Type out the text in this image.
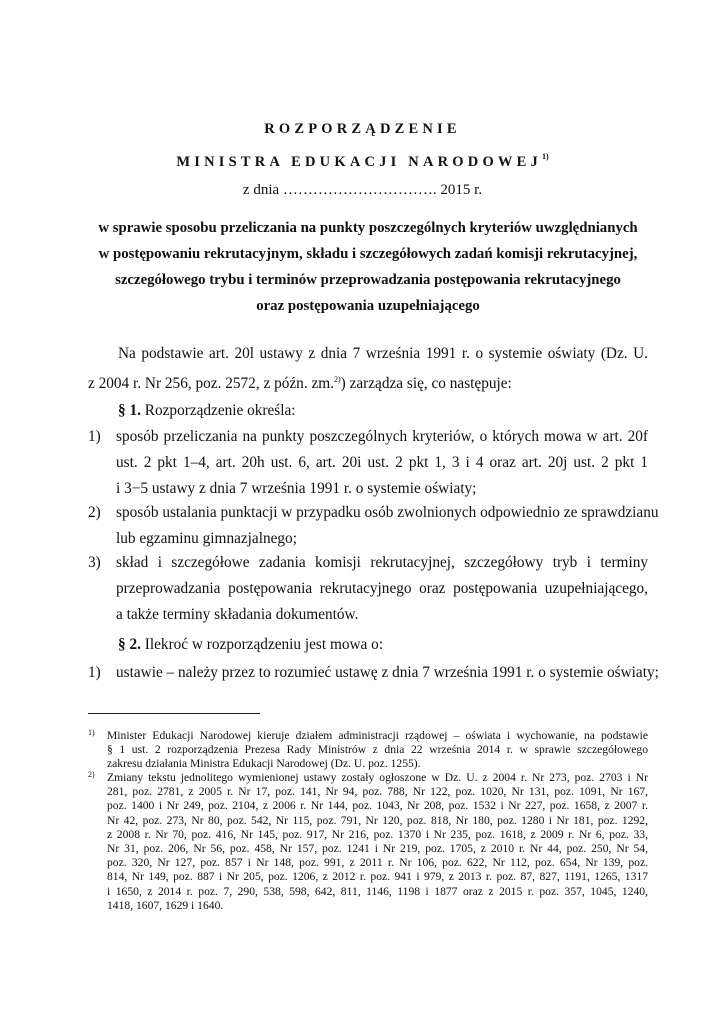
ROZPORZĄDZENIE
MINISTRA EDUKACJI NARODOWEJ$^{1)}$
z dnia …………………………. 2015 r.
w sprawie sposobu przeliczania na punkty poszczególnych kryteriów uwzględnianych
w postępowaniu rekrutacyjnym, składu i szczegółowych zadań komisji rekrutacyjnej,
szczegółowego trybu i terminów przeprowadzania postępowania rekrutacyjnego
oraz postępowania uzupełniającego
Na podstawie art. 20l ustawy z dnia 7 września 1991 r. o systemie oświaty (Dz. U.
z 2004 r. Nr 256, poz. 2572, z późn. zm.$^{2)}$) zarządza się, co następuje:
§ 1. Rozporządzenie określa:
1) sposób przeliczania na punkty poszczególnych kryteriów, o których mowa w art. 20f
ust. 2 pkt 1–4, art. 20h ust. 6, art. 20i ust. 2 pkt 1, 3 i 4 oraz art. 20j ust. 2 pkt 1
i 3−5 ustawy z dnia 7 września 1991 r. o systemie oświaty;
2) sposób ustalania punktacji w przypadku osób zwolnionych odpowiednio ze sprawdzianu
lub egzaminu gimnazjalnego;
3) skład i szczegółowe zadania komisji rekrutacyjnej, szczegółowy tryb i terminy
przeprowadzania postępowania rekrutacyjnego oraz postępowania uzupełniającego,
a także terminy składania dokumentów.
§ 2. Ilekroć w rozporządzeniu jest mowa o:
1) ustawie – należy przez to rozumieć ustawę z dnia 7 września 1991 r. o systemie oświaty;
1) Minister Edukacji Narodowej kieruje działem administracji rządowej – oświata i wychowanie, na podstawie
§ 1 ust. 2 rozporządzenia Prezesa Rady Ministrów z dnia 22 września 2014 r. w sprawie szczegółowego
zakresu działania Ministra Edukacji Narodowej (Dz. U. poz. 1255).
2) Zmiany tekstu jednolitego wymienionej ustawy zostały ogłoszone w Dz. U. z 2004 r. Nr 273, poz. 2703 i Nr
281, poz. 2781, z 2005 r. Nr 17, poz. 141, Nr 94, poz. 788, Nr 122, poz. 1020, Nr 131, poz. 1091, Nr 167,
poz. 1400 i Nr 249, poz. 2104, z 2006 r. Nr 144, poz. 1043, Nr 208, poz. 1532 i Nr 227, poz. 1658, z 2007 r.
Nr 42, poz. 273, Nr 80, poz. 542, Nr 115, poz. 791, Nr 120, poz. 818, Nr 180, poz. 1280 i Nr 181, poz. 1292,
z 2008 r. Nr 70, poz. 416, Nr 145, poz. 917, Nr 216, poz. 1370 i Nr 235, poz. 1618, z 2009 r. Nr 6, poz. 33,
Nr 31, poz. 206, Nr 56, poz. 458, Nr 157, poz. 1241 i Nr 219, poz. 1705, z 2010 r. Nr 44, poz. 250, Nr 54,
poz. 320, Nr 127, poz. 857 i Nr 148, poz. 991, z 2011 r. Nr 106, poz. 622, Nr 112, poz. 654, Nr 139, poz.
814, Nr 149, poz. 887 i Nr 205, poz. 1206, z 2012 r. poz. 941 i 979, z 2013 r. poz. 87, 827, 1191, 1265, 1317
i 1650, z 2014 r. poz. 7, 290, 538, 598, 642, 811, 1146, 1198 i 1877 oraz z 2015 r. poz. 357, 1045, 1240,
1418, 1607, 1629 i 1640.
